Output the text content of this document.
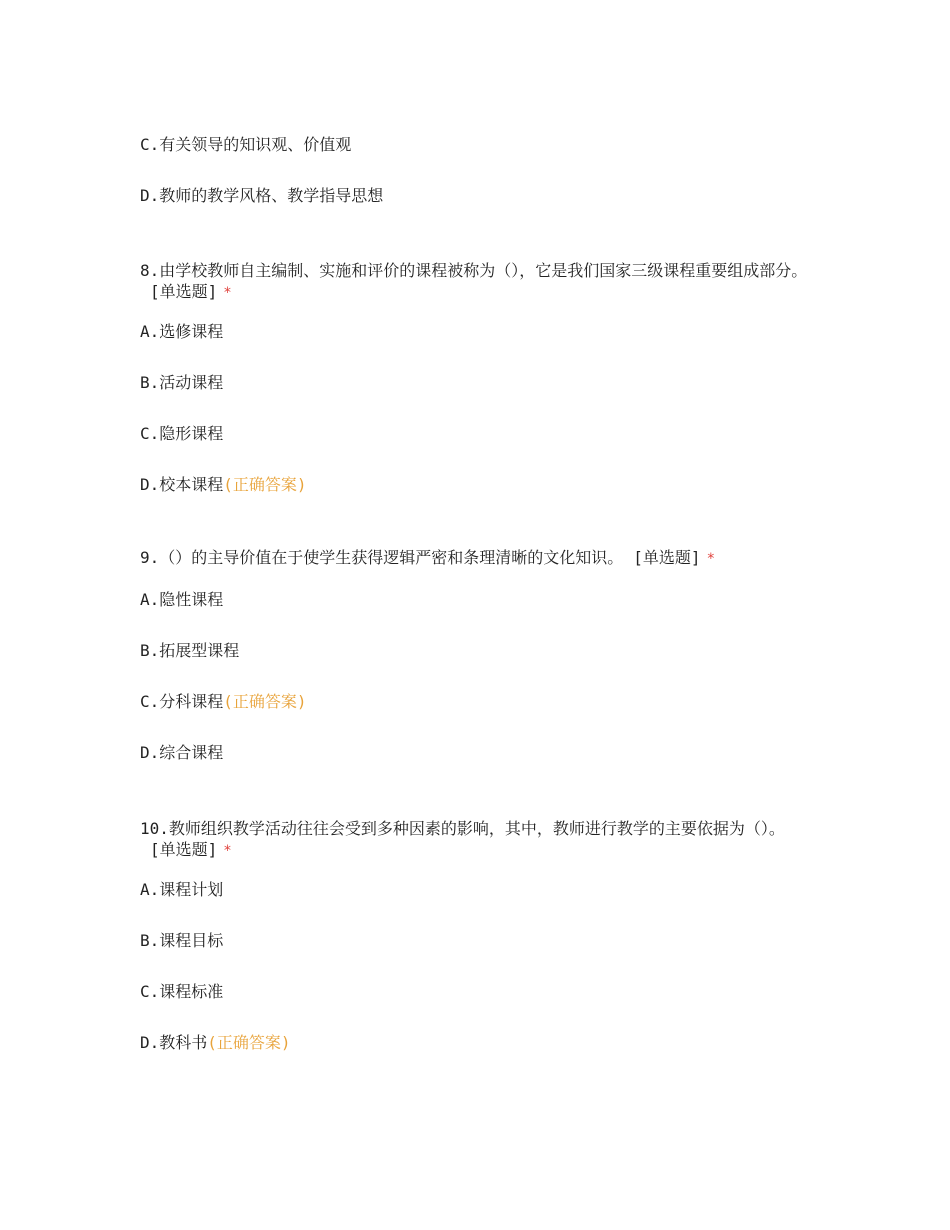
C.有关领导的知识观、价值观
D.教师的教学风格、教学指导思想
8.由学校教师自主编制、实施和评价的课程被称为（），它是我们国家三级课程重要组成部分。[单选题] *
A.选修课程
B.活动课程
C.隐形课程
D.校本课程(正确答案)
9.（）的主导价值在于使学生获得逻辑严密和条理清晰的文化知识。 [单选题] *
A.隐性课程
B.拓展型课程
C.分科课程(正确答案)
D.综合课程
10.教师组织教学活动往往会受到多种因素的影响，其中，教师进行教学的主要依据为（）。[单选题] *
A.课程计划
B.课程目标
C.课程标准
D.教科书(正确答案)
